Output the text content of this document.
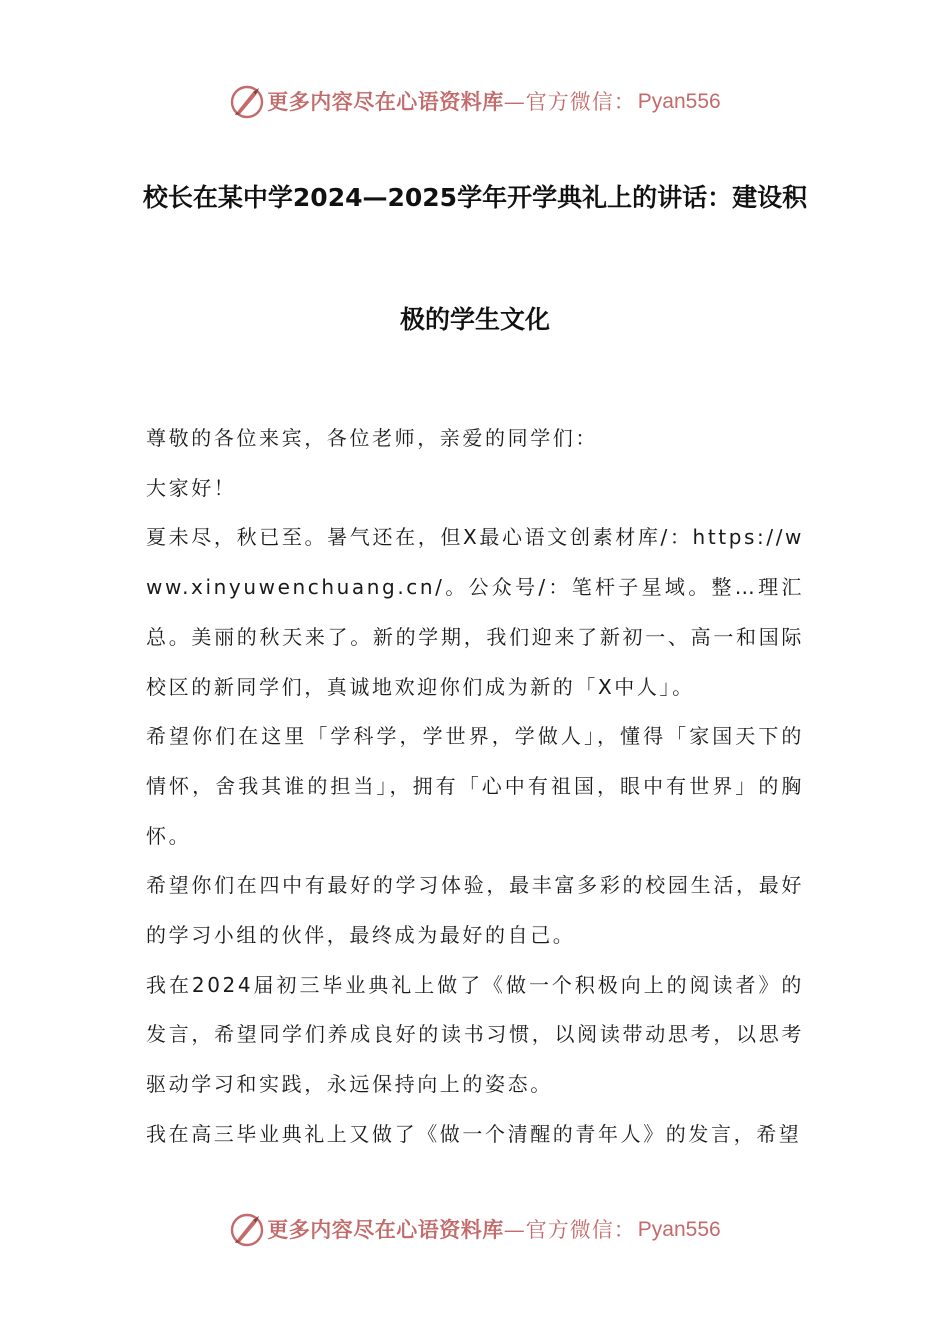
更多内容尽在心语资料库 —官方微信： Pyan556
校长在某中学2024—2025学年开学典礼上的讲话：建设积
极的学生文化

尊敬的各位来宾，各位老师，亲爱的同学们：

大家好！

夏未尽，秋已至。暑气还在，但X最心语文创素材库/：https://www.xinyuwenchuang.cn/。公众号/：笔杆子星域。整…理汇总。美丽的秋天来了。新的学期，我们迎来了新初一、高一和国际校区的新同学们，真诚地欢迎你们成为新的「X中人」。

希望你们在这里「学科学，学世界，学做人」，懂得「家国天下的情怀，舍我其谁的担当」，拥有「心中有祖国，眼中有世界」的胸怀。

希望你们在四中有最好的学习体验，最丰富多彩的校园生活，最好的学习小组的伙伴，最终成为最好的自己。

我在2024届初三毕业典礼上做了《做一个积极向上的阅读者》的发言，希望同学们养成良好的读书习惯，以阅读带动思考，以思考驱动学习和实践，永远保持向上的姿态。

我在高三毕业典礼上又做了《做一个清醒的青年人》的发言，希望

更多内容尽在心语资料库 —官方微信： Pyan556
